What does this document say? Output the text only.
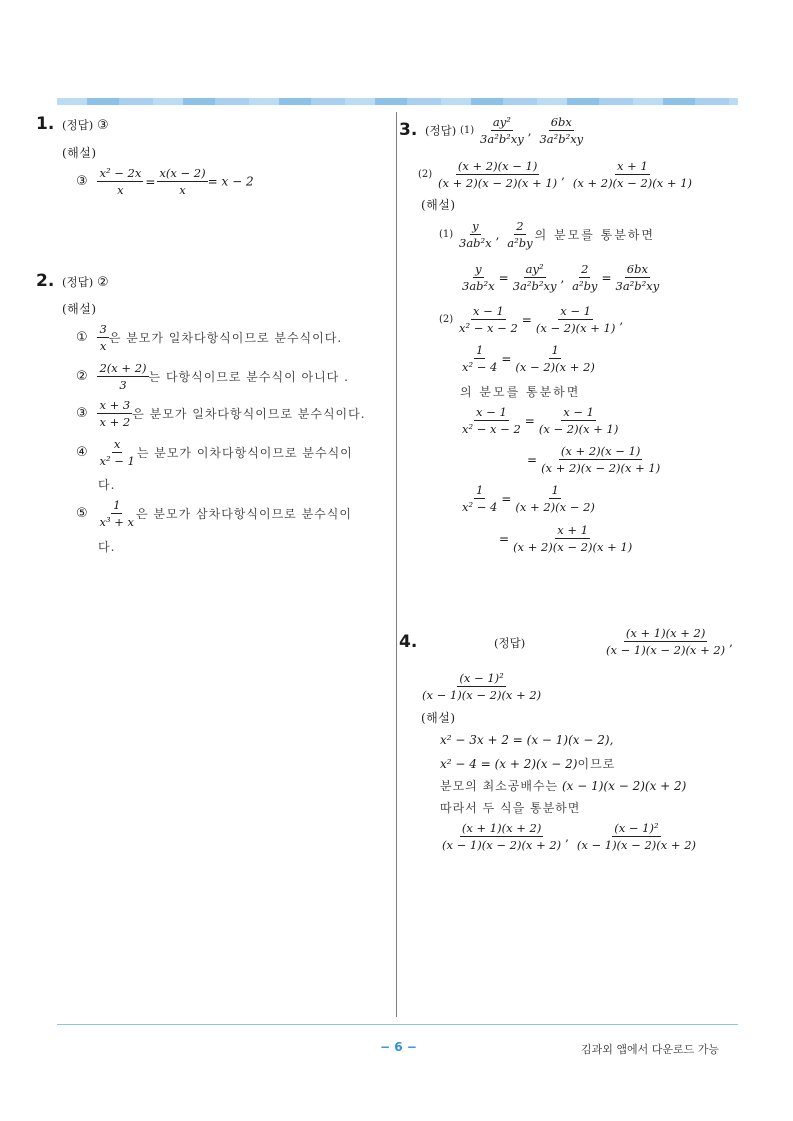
1. (정답) ③
(해설)
③ $\frac{\text{x² − 2x}}{x} = \frac{x(x - 2)}{x} = x - 2$
2. (정답) ②
(해설)
① $\frac{3}{x}$ 은 분모가 일차다항식이므로 분수식이다.
② $\frac{2(x + 2)}{3}$ 는 다항식이므로 분수식이 아니다 .
③ $\frac{x + 3}{x + 2}$ 은 분모가 일차다항식이므로 분수식이다.
④ $\frac{x}{\text{x² − 1}}$ 는 분모가 이차다항식이므로 분수식이
다.
⑤ $\frac{1}{\text{x³ + x}}$ 은 분모가 삼차다항식이므로 분수식이
다.
3. (정답) $(1) \frac{\text{ay²}}{\text{3a²b²xy}}$ , $\frac{6bx}{\text{3a²b²xy}}$
$(2) \frac{(x + 2)(x - 1)}{(x + 2)(x - 2)(x + 1)}$ , $\frac{x + 1}{(x + 2)(x - 2)(x + 1)}$
(해설)
$(1) \frac{y}{\text{3ab²x}}$ , $\frac{2}{\text{a²by}}$ 의 분모를 통분하면
$\frac{y}{\text{3ab²x}} = \frac{\text{ay²}}{\text{3a²b²xy}}$ , $\frac{2}{\text{a²by}} = \frac{6bx}{\text{3a²b²xy}}$
$(2) \frac{x - 1}{\text{x² − x − 2}} = \frac{x - 1}{(x - 2)(x + 1)}$ ,
$\frac{1}{\text{x² − 4}} = \frac{1}{(x - 2)(x + 2)}$
의 분모를 통분하면
$\frac{x - 1}{\text{x² − x − 2}} = \frac{x - 1}{(x - 2)(x + 1)}$
= $\frac{(x + 2)(x - 1)}{(x + 2)(x - 2)(x + 1)}$
$\frac{1}{\text{x² − 4}} = \frac{1}{(x + 2)(x - 2)}$
= $\frac{x + 1}{(x + 2)(x - 2)(x + 1)}$
4.	(정답)	$\frac{(x + 1)(x + 2)}{(x - 1)(x - 2)(x + 2)}$ ,
$\frac{\text{(x − 1)²}}{(x - 1)(x - 2)(x + 2)}$
(해설)
x² − 3x + 2 = (x − 1)(x − 2),
x² − 4 = (x + 2)(x − 2)이므로
분모의 최소공배수는 (x − 1)(x − 2)(x + 2)
따라서 두 식을 통분하면
$\frac{(x + 1)(x + 2)}{(x - 1)(x - 2)(x + 2)}$ , $\frac{\text{(x − 1)²}}{(x - 1)(x - 2)(x + 2)}$
− 6 −	김과외 앱에서 다운로드 가능
